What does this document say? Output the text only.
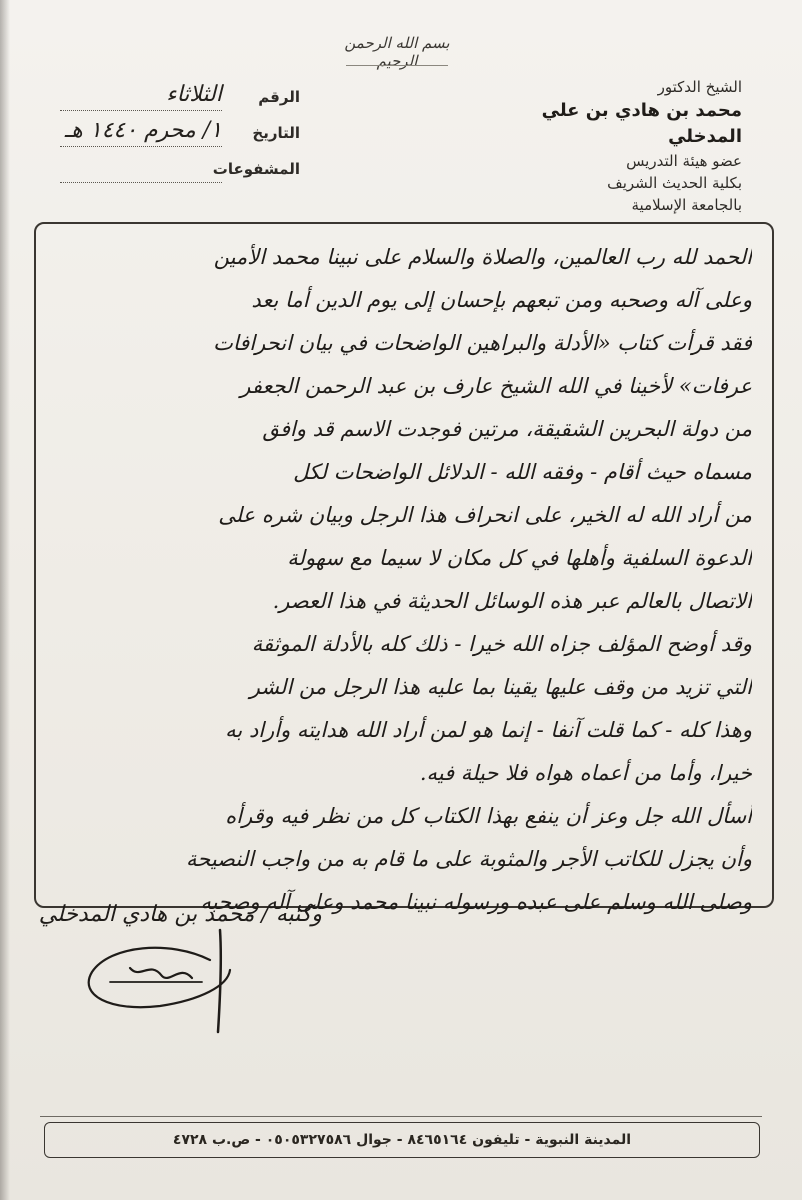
بسم الله الرحمن الرحيم
الشيخ الدكتور
محمد بن هادي بن علي المدخلي
عضو هيئة التدريس
بكلية الحديث الشريف
بالجامعة الإسلامية
الرقم
الثلاثاء
التاريخ
١/ محرم ١٤٤٠ هـ
المشفوعات
الحمد لله رب العالمين، والصلاة والسلام على نبينا محمد الأمين
وعلى آله وصحبه ومن تبعهم بإحسان إلى يوم الدين أما بعد
فقد قرأت كتاب «الأدلة والبراهين الواضحات في بيان انحرافات
عرفات» لأخينا في الله الشيخ عارف بن عبد الرحمن الجعفر
من دولة البحرين الشقيقة، مرتين فوجدت الاسم قد وافق
مسماه حيث أقام - وفقه الله - الدلائل الواضحات لكل
من أراد الله له الخير، على انحراف هذا الرجل وبيان شره على
الدعوة السلفية وأهلها في كل مكان لا سيما مع سهولة
الاتصال بالعالم عبر هذه الوسائل الحديثة في هذا العصر.
وقد أوضح المؤلف جزاه الله خيرا - ذلك كله بالأدلة الموثقة
التي تزيد من وقف عليها يقينا بما عليه هذا الرجل من الشر
وهذا كله - كما قلت آنفا - إنما هو لمن أراد الله هدايته وأراد به
خيرا، وأما من أعماه هواه فلا حيلة فيه.
أسأل الله جل وعز أن ينفع بهذا الكتاب كل من نظر فيه وقرأه
وأن يجزل للكاتب الأجر والمثوبة على ما قام به من واجب النصيحة
وصلى الله وسلم على عبده ورسوله نبينا محمد وعلى آله وصحبه
وكتبه / محمد بن هادي المدخلي
المدينة النبوية - تليفون ٨٤٦٥١٦٤ - جوال ٠٥٠٥٣٢٧٥٨٦ - ص.ب ٤٧٢٨
